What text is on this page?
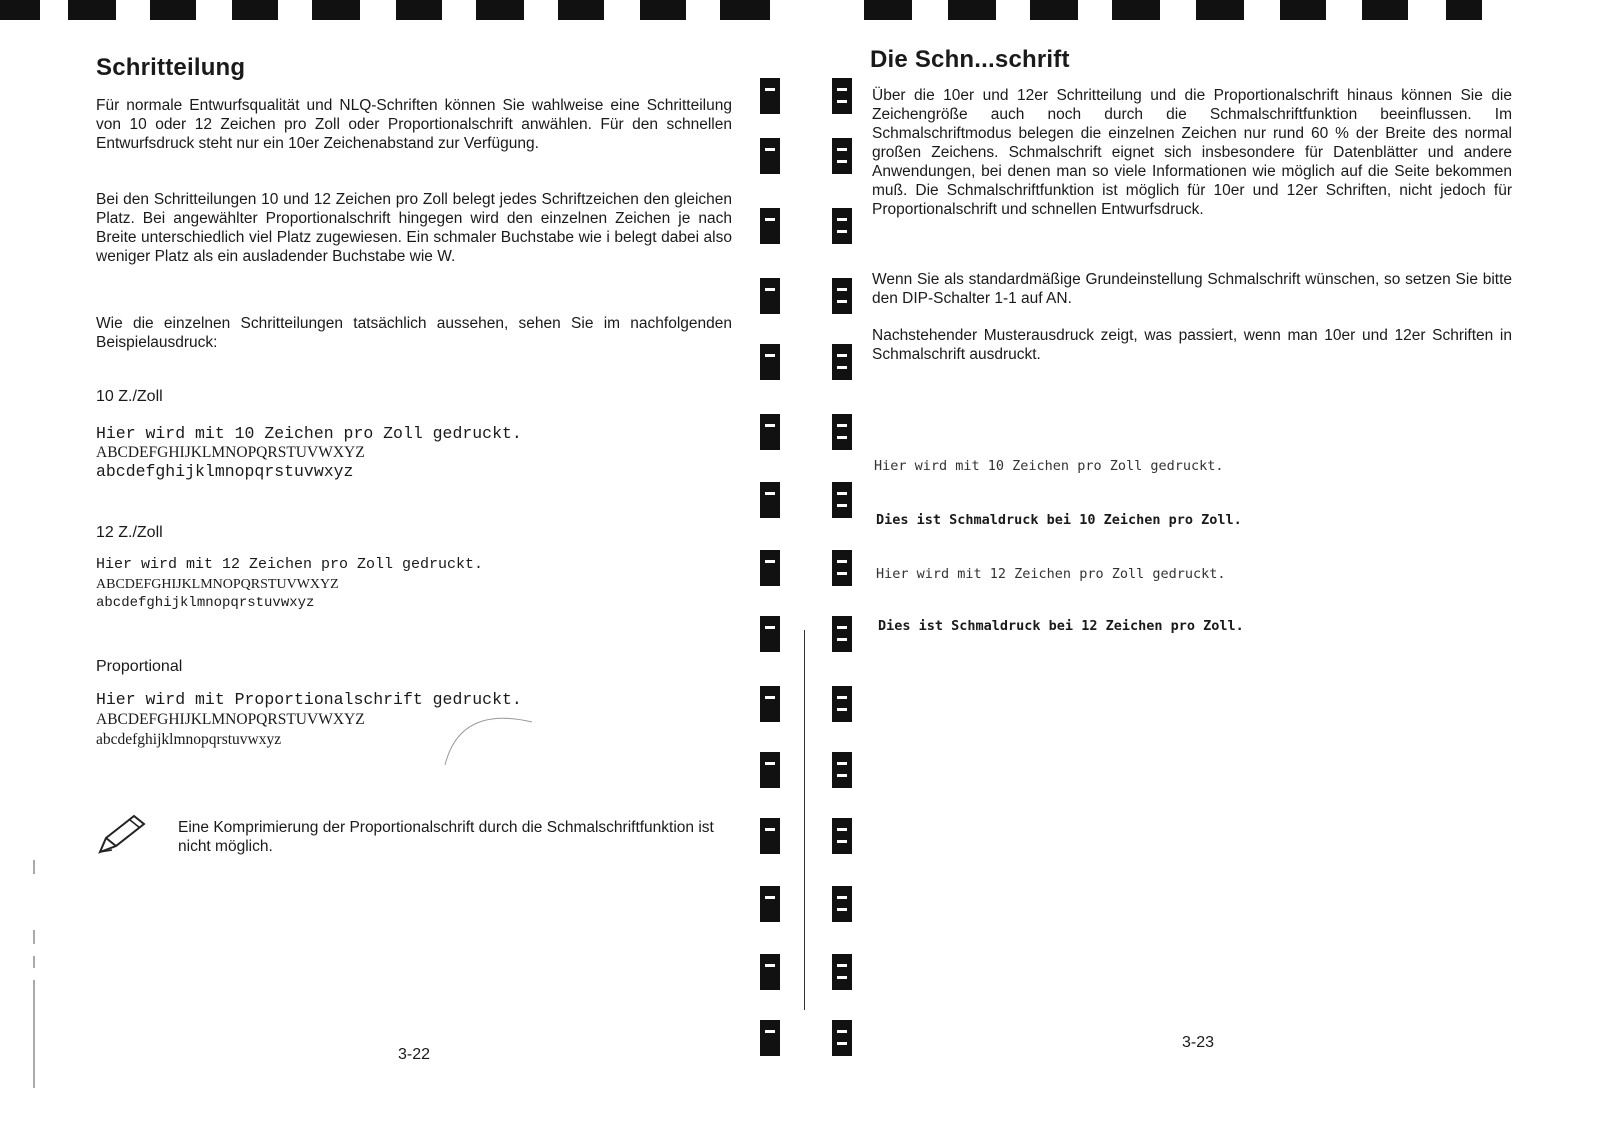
Schritteilung

Für normale Entwurfsqualität und NLQ-Schriften können Sie wahlweise eine Schritteilung von 10 oder 12 Zeichen pro Zoll oder Proportionalschrift anwählen. Für den schnellen Entwurfsdruck steht nur ein 10er Zeichenabstand zur Verfügung.

Bei den Schritteilungen 10 und 12 Zeichen pro Zoll belegt jedes Schriftzeichen den gleichen Platz. Bei angewählter Proportionalschrift hingegen wird den einzelnen Zeichen je nach Breite unterschiedlich viel Platz zugewiesen. Ein schmaler Buchstabe wie i belegt dabei also weniger Platz als ein ausladender Buchstabe wie W.

Wie die einzelnen Schritteilungen tatsächlich aussehen, sehen Sie im nachfolgenden Beispielausdruck:

10 Z./Zoll
Hier wird mit 10 Zeichen pro Zoll gedruckt.
ABCDEFGHIJKLMNOPQRSTUVWXYZ
abcdefghijklmnopqrstuvwxyz
12 Z./Zoll
Hier wird mit 12 Zeichen pro Zoll gedruckt.
ABCDEFGHIJKLMNOPQRSTUVWXYZ
abcdefghijklmnopqrstuvwxyz
Proportional
Hier wird mit Proportionalschrift gedruckt.
ABCDEFGHIJKLMNOPQRSTUVWXYZ
abcdefghijklmnopqrstuvwxyz

Eine Komprimierung der Proportionalschrift durch die Schmalschriftfunktion ist nicht möglich.

3-22
Die Schn...schrift

Über die 10er und 12er Schritteilung und die Proportionalschrift hinaus können Sie die Zeichengröße auch noch durch die Schmalschriftfunktion beeinflussen. Im Schmalschriftmodus belegen die einzelnen Zeichen nur rund 60 % der Breite des normal großen Zeichens. Schmalschrift eignet sich insbesondere für Datenblätter und andere Anwendungen, bei denen man so viele Informationen wie möglich auf die Seite bekommen muß. Die Schmalschriftfunktion ist möglich für 10er und 12er Schriften, nicht jedoch für Proportionalschrift und schnellen Entwurfsdruck.

Wenn Sie als standardmäßige Grundeinstellung Schmalschrift wünschen, so setzen Sie bitte den DIP-Schalter 1-1 auf AN.

Nachstehender Musterausdruck zeigt, was passiert, wenn man 10er und 12er Schriften in Schmalschrift ausdruckt.

Hier wird mit 10 Zeichen pro Zoll gedruckt.
Dies ist Schmaldruck bei 10 Zeichen pro Zoll.
Hier wird mit 12 Zeichen pro Zoll gedruckt.
Dies ist Schmaldruck bei 12 Zeichen pro Zoll.
3-23
